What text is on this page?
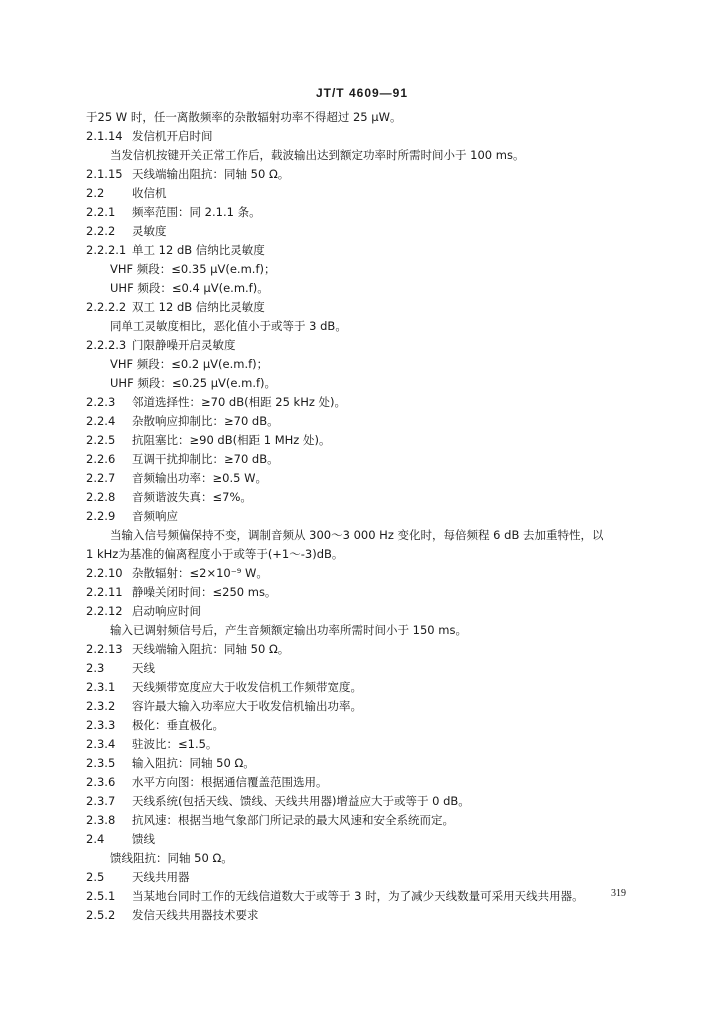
JT/T 4609—91
于25 W 时，任一离散频率的杂散辐射功率不得超过 25 μW。
2.1.14 发信机开启时间
当发信机按键开关正常工作后，载波输出达到额定功率时所需时间小于 100 ms。
2.1.15 天线端输出阻抗：同轴 50 Ω。
2.2 收信机
2.2.1 频率范围：同 2.1.1 条。
2.2.2 灵敏度
2.2.2.1 单工 12 dB 信纳比灵敏度
VHF 频段：≤0.35 μV(e.m.f)；
UHF 频段：≤0.4 μV(e.m.f)。
2.2.2.2 双工 12 dB 信纳比灵敏度
同单工灵敏度相比，恶化值小于或等于 3 dB。
2.2.2.3 门限静噪开启灵敏度
VHF 频段：≤0.2 μV(e.m.f)；
UHF 频段：≤0.25 μV(e.m.f)。
2.2.3 邻道选择性：≥70 dB(相距 25 kHz 处)。
2.2.4 杂散响应抑制比：≥70 dB。
2.2.5 抗阻塞比：≥90 dB(相距 1 MHz 处)。
2.2.6 互调干扰抑制比：≥70 dB。
2.2.7 音频输出功率：≥0.5 W。
2.2.8 音频谐波失真：≤7%。
2.2.9 音频响应
当输入信号频偏保持不变，调制音频从 300～3 000 Hz 变化时，每倍频程 6 dB 去加重特性，以
1 kHz为基准的偏离程度小于或等于(+1～-3)dB。
2.2.10 杂散辐射：≤2×10⁻⁹ W。
2.2.11 静噪关闭时间：≤250 ms。
2.2.12 启动响应时间
输入已调射频信号后，产生音频额定输出功率所需时间小于 150 ms。
2.2.13 天线端输入阻抗：同轴 50 Ω。
2.3 天线
2.3.1 天线频带宽度应大于收发信机工作频带宽度。
2.3.2 容许最大输入功率应大于收发信机输出功率。
2.3.3 极化：垂直极化。
2.3.4 驻波比：≤1.5。
2.3.5 输入阻抗：同轴 50 Ω。
2.3.6 水平方向图：根据通信覆盖范围选用。
2.3.7 天线系统(包括天线、馈线、天线共用器)增益应大于或等于 0 dB。
2.3.8 抗风速：根据当地气象部门所记录的最大风速和安全系统而定。
2.4 馈线
馈线阻抗：同轴 50 Ω。
2.5 天线共用器
2.5.1 当某地台同时工作的无线信道数大于或等于 3 时，为了减少天线数量可采用天线共用器。
2.5.2 发信天线共用器技术要求
319
